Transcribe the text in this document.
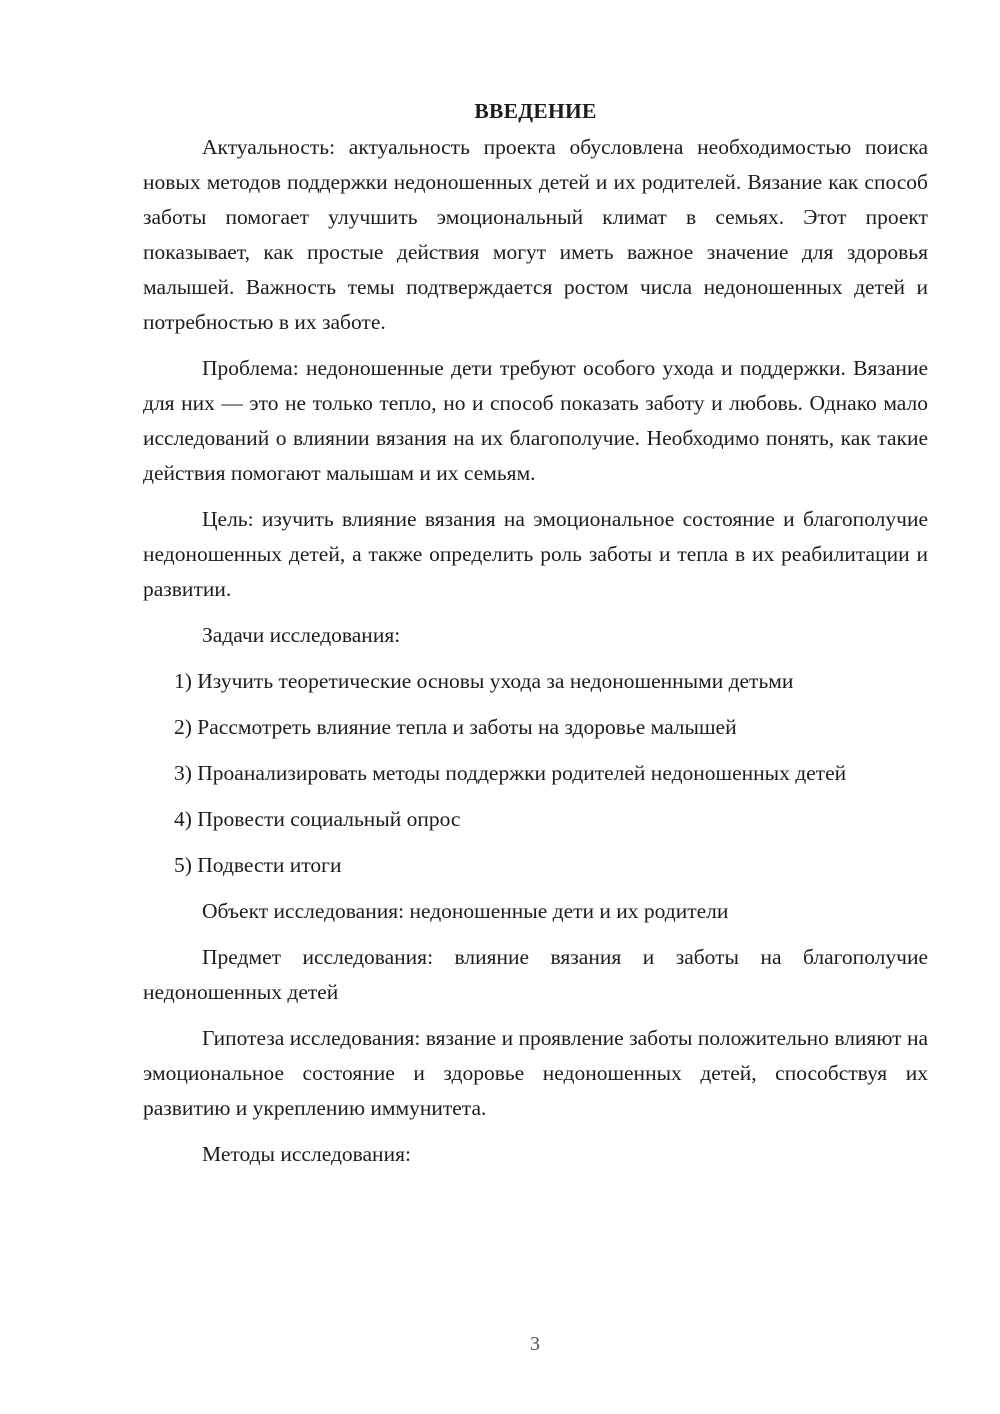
ВВЕДЕНИЕ

Актуальность: актуальность проекта обусловлена необходимостью поиска новых методов поддержки недоношенных детей и их родителей. Вязание как способ заботы помогает улучшить эмоциональный климат в семьях. Этот проект показывает, как простые действия могут иметь важное значение для здоровья малышей. Важность темы подтверждается ростом числа недоношенных детей и потребностью в их заботе.

Проблема: недоношенные дети требуют особого ухода и поддержки. Вязание для них — это не только тепло, но и способ показать заботу и любовь. Однако мало исследований о влиянии вязания на их благополучие. Необходимо понять, как такие действия помогают малышам и их семьям.

Цель: изучить влияние вязания на эмоциональное состояние и благополучие недоношенных детей, а также определить роль заботы и тепла в их реабилитации и развитии.

Задачи исследования:

1) Изучить теоретические основы ухода за недоношенными детьми

2) Рассмотреть влияние тепла и заботы на здоровье малышей

3) Проанализировать методы поддержки родителей недоношенных детей

4) Провести социальный опрос

5) Подвести итоги

Объект исследования: недоношенные дети и их родители

Предмет исследования: влияние вязания и заботы на благополучие недоношенных детей

Гипотеза исследования: вязание и проявление заботы положительно влияют на эмоциональное состояние и здоровье недоношенных детей, способствуя их развитию и укреплению иммунитета.

Методы исследования:

3
